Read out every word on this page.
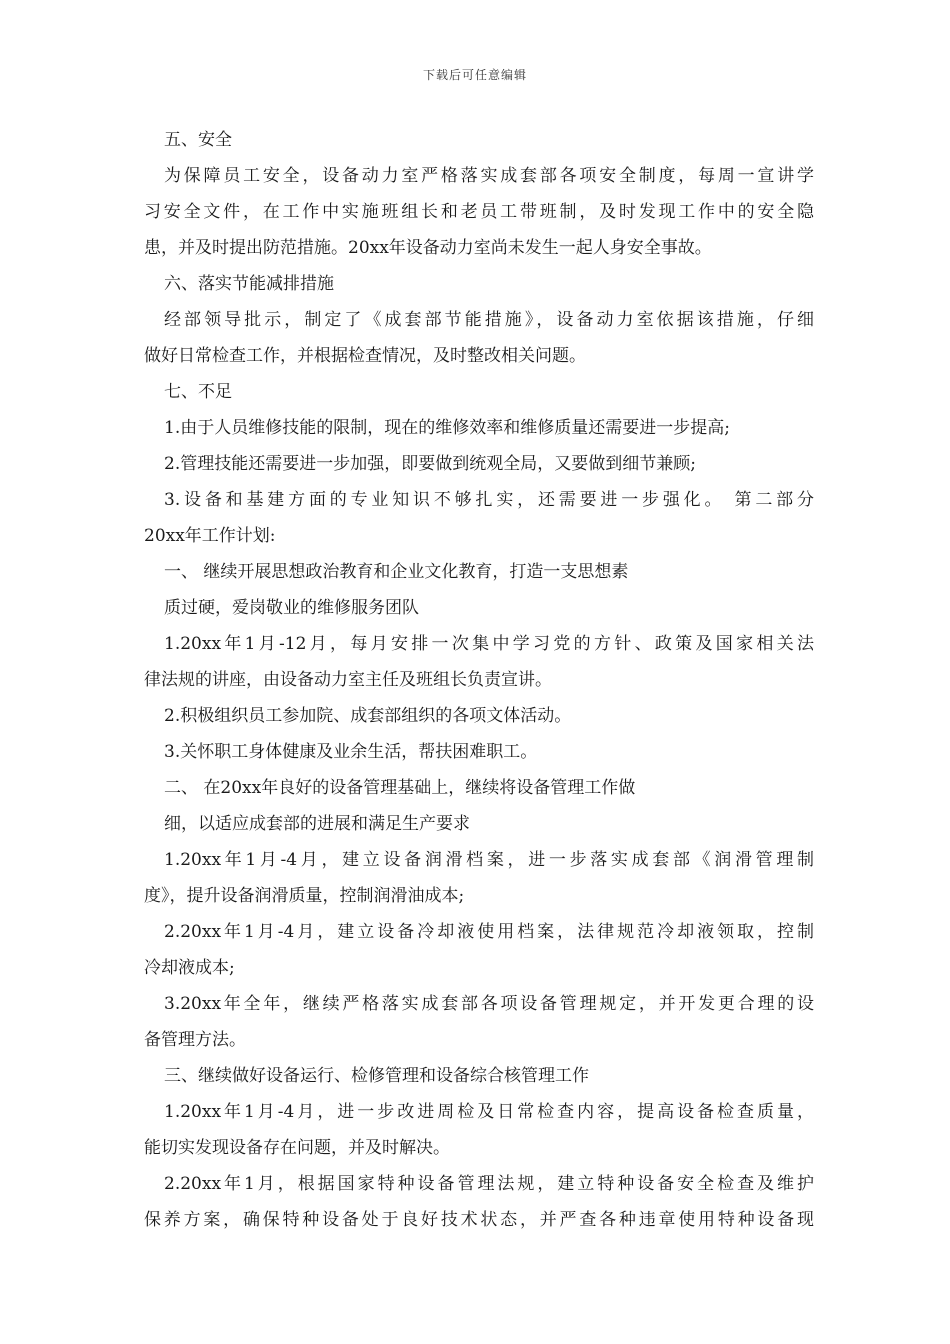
下载后可任意编辑
五、安全
为保障员工安全，设备动力室严格落实成套部各项安全制度，每周一宣讲学
习安全文件，在工作中实施班组长和老员工带班制，及时发现工作中的安全隐
患，并及时提出防范措施。20xx年设备动力室尚未发生一起人身安全事故。
六、落实节能减排措施
经部领导批示，制定了《成套部节能措施》，设备动力室依据该措施，仔细
做好日常检查工作，并根据检查情况，及时整改相关问题。
七、不足
1.由于人员维修技能的限制，现在的维修效率和维修质量还需要进一步提高;
2.管理技能还需要进一步加强，即要做到统观全局，又要做到细节兼顾;
3.设备和基建方面的专业知识不够扎实，还需要进一步强化。 第二部分
20xx年工作计划:
一、 继续开展思想政治教育和企业文化教育，打造一支思想素
质过硬，爱岗敬业的维修服务团队
1.20xx年1月-12月，每月安排一次集中学习党的方针、政策及国家相关法
律法规的讲座，由设备动力室主任及班组长负责宣讲。
2.积极组织员工参加院、成套部组织的各项文体活动。
3.关怀职工身体健康及业余生活，帮扶困难职工。
二、 在20xx年良好的设备管理基础上，继续将设备管理工作做
细，以适应成套部的进展和满足生产要求
1.20xx年1月-4月，建立设备润滑档案，进一步落实成套部《润滑管理制
度》，提升设备润滑质量，控制润滑油成本;
2.20xx年1月-4月，建立设备冷却液使用档案，法律规范冷却液领取，控制
冷却液成本;
3.20xx年全年，继续严格落实成套部各项设备管理规定，并开发更合理的设
备管理方法。
三、继续做好设备运行、检修管理和设备综合核管理工作
1.20xx年1月-4月，进一步改进周检及日常检查内容，提高设备检查质量，
能切实发现设备存在问题，并及时解决。
2.20xx年1月，根据国家特种设备管理法规，建立特种设备安全检查及维护
保养方案，确保特种设备处于良好技术状态，并严查各种违章使用特种设备现
